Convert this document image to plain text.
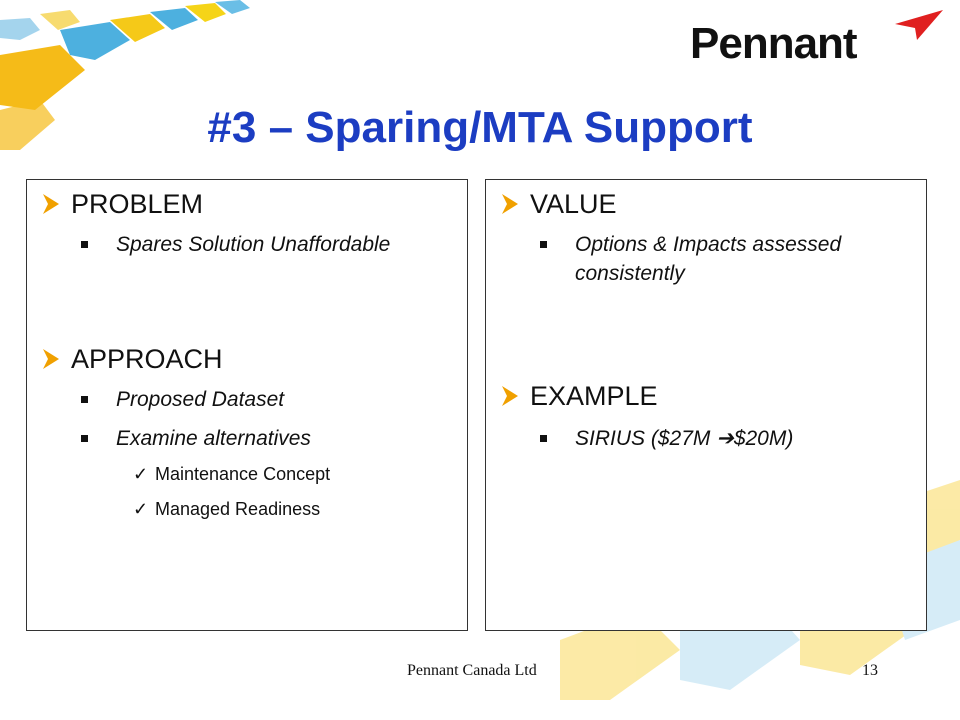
Pennant
#3 – Sparing/MTA Support
PROBLEM
Spares Solution Unaffordable
APPROACH
Proposed Dataset
Examine alternatives
✓ Maintenance Concept
✓ Managed Readiness
VALUE
Options & Impacts assessed consistently
EXAMPLE
SIRIUS ($27M ➔$20M)
Pennant Canada Ltd	13
